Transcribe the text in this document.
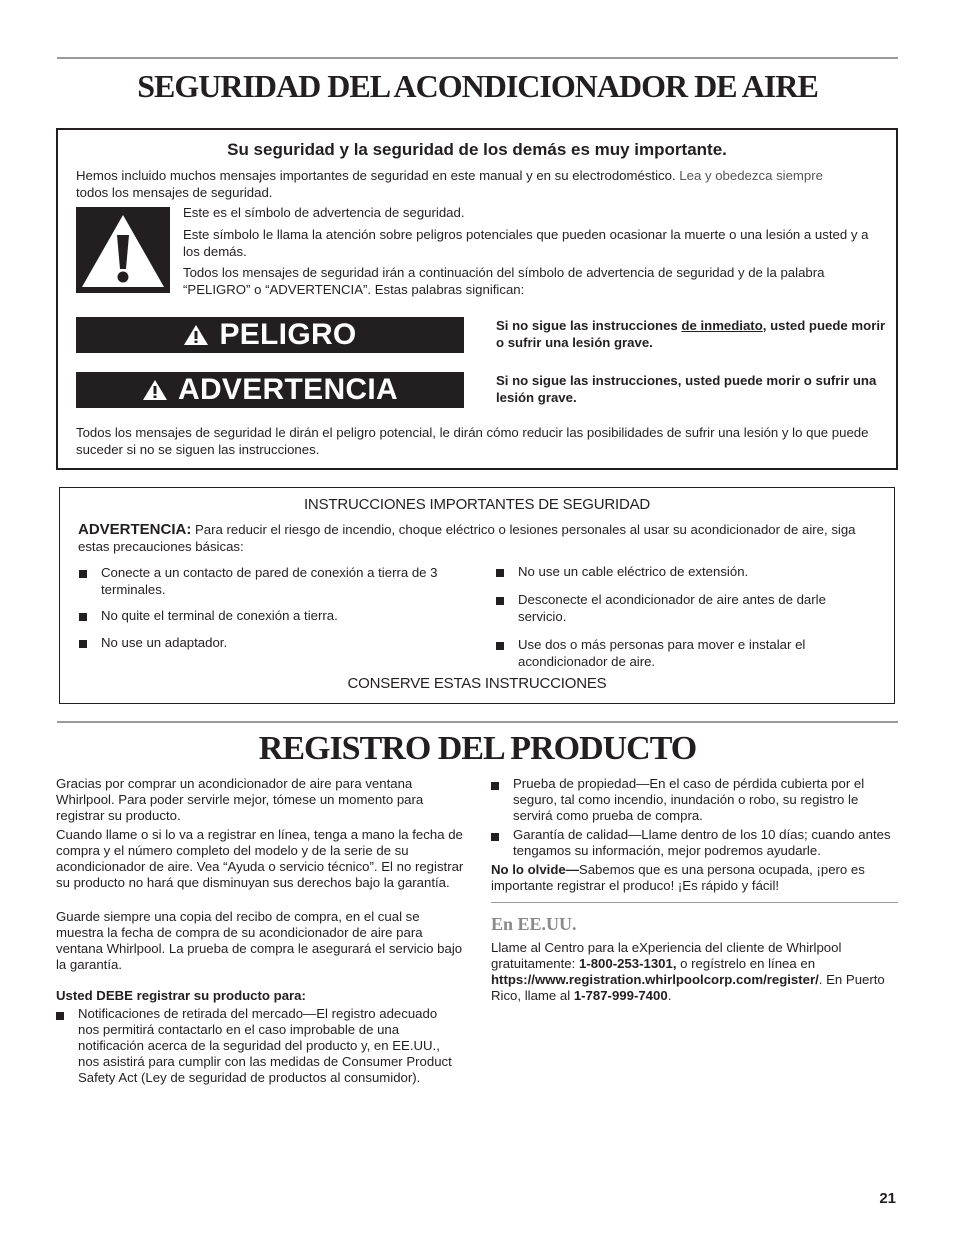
SEGURIDAD DEL ACONDICIONADOR DE AIRE

Su seguridad y la seguridad de los demás es muy importante.

Hemos incluido muchos mensajes importantes de seguridad en este manual y en su electrodoméstico. Lea y obedezca siempre
todos los mensajes de seguridad.

Este es el símbolo de advertencia de seguridad.

Este símbolo le llama la atención sobre peligros potenciales que pueden ocasionar la muerte o una lesión a usted y a los demás.

Todos los mensajes de seguridad irán a continuación del símbolo de advertencia de seguridad y de la palabra “PELIGRO” o “ADVERTENCIA”. Estas palabras significan:

PELIGRO	Si no sigue las instrucciones de inmediato, usted puede morir o sufrir una lesión grave.

ADVERTENCIA	Si no sigue las instrucciones, usted puede morir o sufrir una lesión grave.

Todos los mensajes de seguridad le dirán el peligro potencial, le dirán cómo reducir las posibilidades de sufrir una lesión y lo que puede suceder si no se siguen las instrucciones.

INSTRUCCIONES IMPORTANTES DE SEGURIDAD

ADVERTENCIA: Para reducir el riesgo de incendio, choque eléctrico o lesiones personales al usar su acondicionador de aire, siga estas precauciones básicas:

Conecte a un contacto de pared de conexión a tierra de 3 terminales.

No quite el terminal de conexión a tierra.

No use un adaptador.

No use un cable eléctrico de extensión.

Desconecte el acondicionador de aire antes de darle servicio.

Use dos o más personas para mover e instalar el acondicionador de aire.

CONSERVE ESTAS INSTRUCCIONES

REGISTRO DEL PRODUCTO

Gracias por comprar un acondicionador de aire para ventana Whirlpool. Para poder servirle mejor, tómese un momento para registrar su producto.

Cuando llame o si lo va a registrar en línea, tenga a mano la fecha de compra y el número completo del modelo y de la serie de su acondicionador de aire. Vea “Ayuda o servicio técnico”. El no registrar su producto no hará que disminuyan sus derechos bajo la garantía.

Guarde siempre una copia del recibo de compra, en el cual se muestra la fecha de compra de su acondicionador de aire para ventana Whirlpool. La prueba de compra le asegurará el servicio bajo la garantía.

Usted DEBE registrar su producto para:

Notificaciones de retirada del mercado—El registro adecuado nos permitirá contactarlo en el caso improbable de una notificación acerca de la seguridad del producto y, en EE.UU., nos asistirá para cumplir con las medidas de Consumer Product Safety Act (Ley de seguridad de productos al consumidor).

Prueba de propiedad—En el caso de pérdida cubierta por el seguro, tal como incendio, inundación o robo, su registro le servirá como prueba de compra.

Garantía de calidad—Llame dentro de los 10 días; cuando antes tengamos su información, mejor podremos ayudarle.

No lo olvide—Sabemos que es una persona ocupada, ¡pero es importante registrar el produco! ¡Es rápido y fácil!

En EE.UU.

Llame al Centro para la eXperiencia del cliente de Whirlpool gratuitamente: 1-800-253-1301, o regístrelo en línea en https://www.registration.whirlpoolcorp.com/register/. En Puerto Rico, llame al 1-787-999-7400.

21
